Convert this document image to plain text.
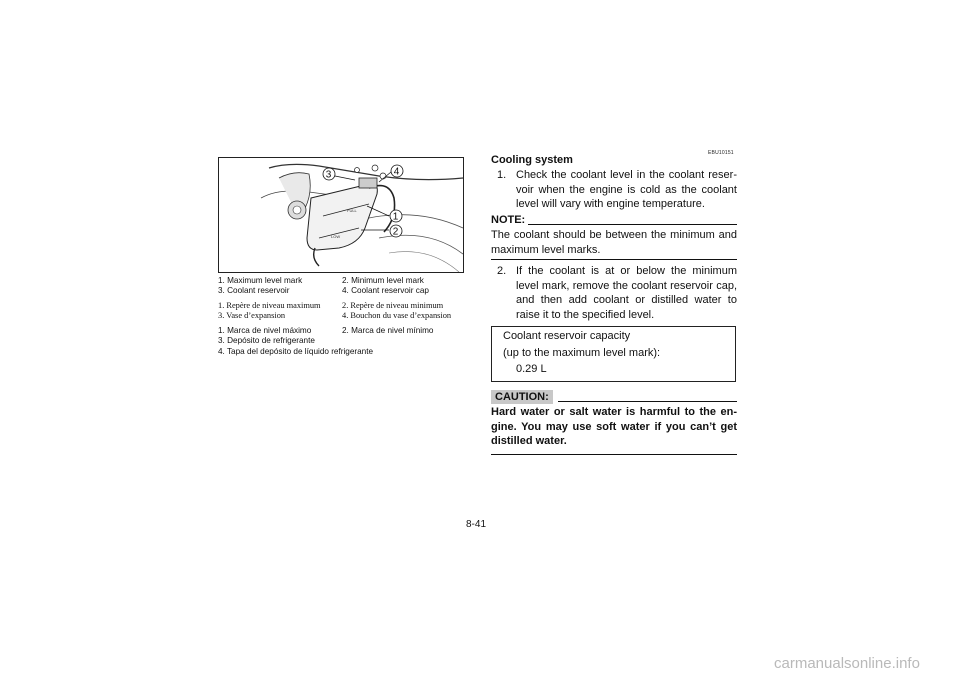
FULL
LOW
3	4
1
2
1. Maximum level mark	2. Minimum level mark
3. Coolant reservoir	4. Coolant reservoir cap
1. Repère de niveau maximum	2. Repère de niveau minimum
3. Vase d’expansion	4. Bouchon du vase d’expansion
1. Marca de nivel máximo	2. Marca de nivel mínimo
3. Depósito de refrigerante
4. Tapa del depósito de líquido refrigerante
EBU10151
Cooling system
1. Check the coolant level in the coolant reser-voir when the engine is cold as the coolant level will vary with engine temperature.
NOTE:
The coolant should be between the minimum and maximum level marks.
2. If the coolant is at or below the minimum level mark, remove the coolant reservoir cap, and then add coolant or distilled water to raise it to the specified level.
Coolant reservoir capacity
(up to the maximum level mark):
0.29 L
CAUTION:
Hard water or salt water is harmful to the en-gine. You may use soft water if you can’t get distilled water.
8-41
carmanualsonline.info
